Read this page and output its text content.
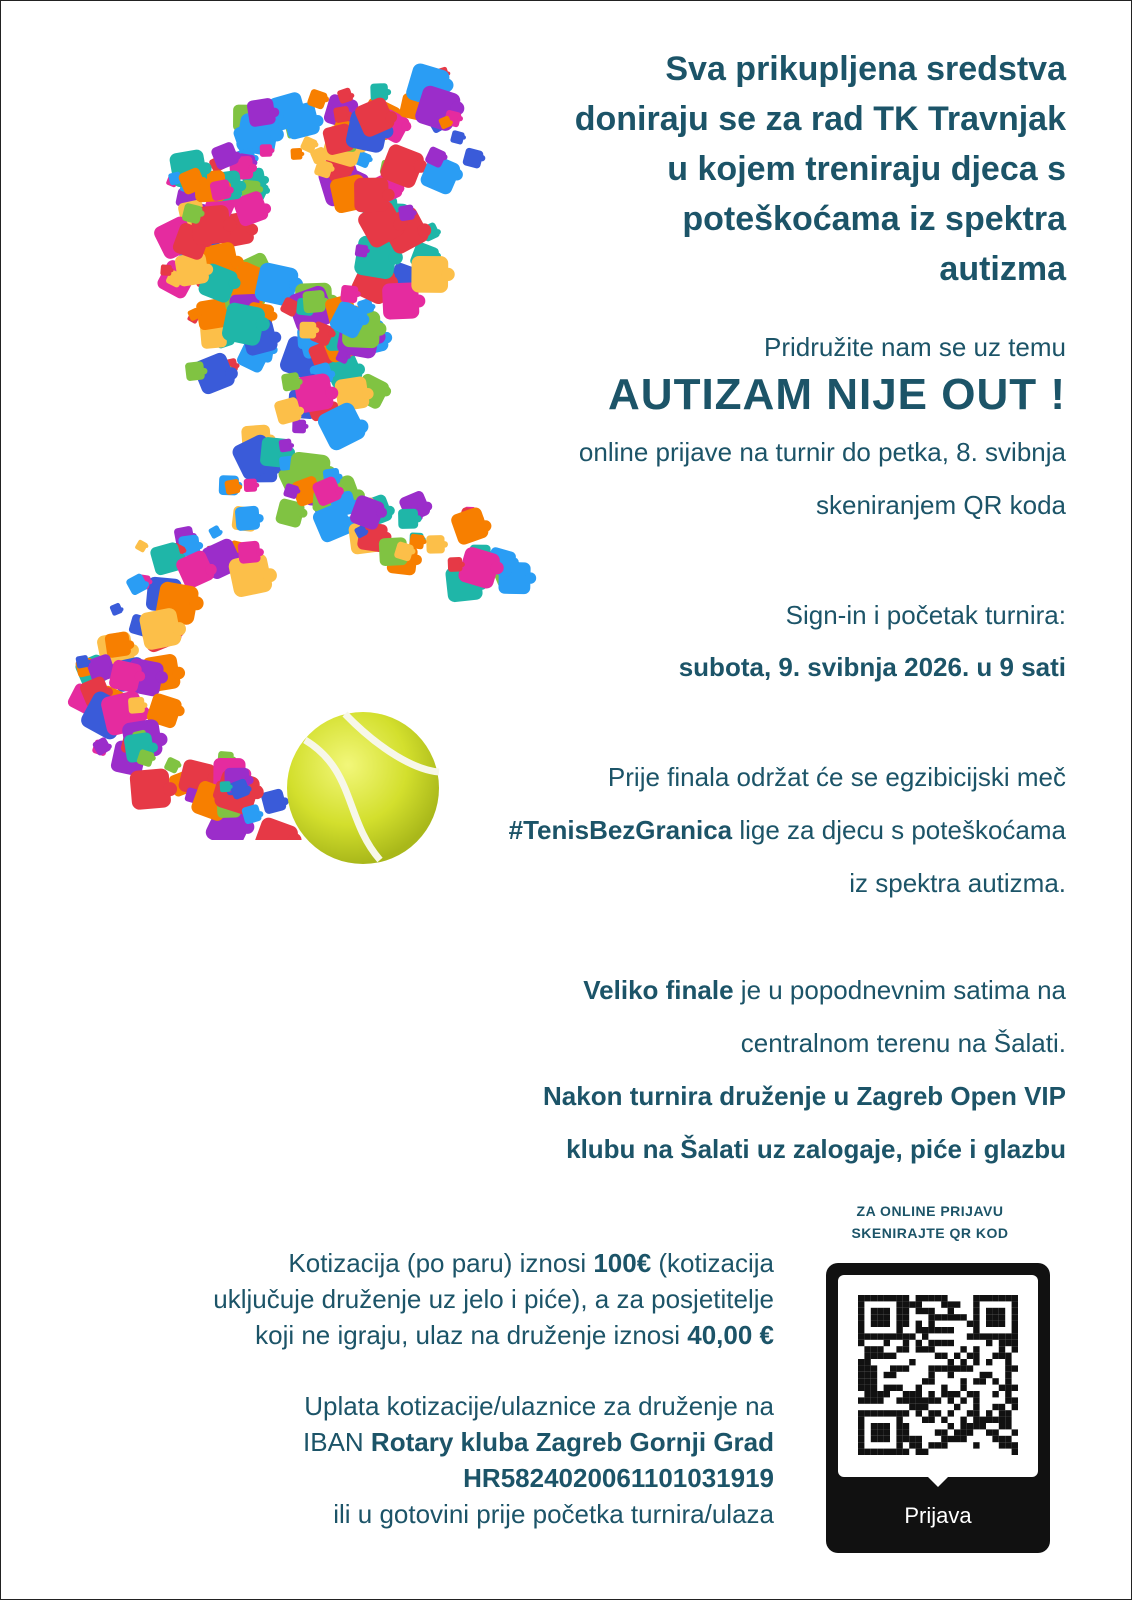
Sva prikupljena sredstva
doniraju se za rad TK Travnjak
u kojem treniraju djeca s
poteškoćama iz spektra
autizma
Pridružite nam se uz temu
AUTIZAM NIJE OUT !
online prijave na turnir do petka, 8. svibnja
skeniranjem QR koda
Sign-in i početak turnira:
subota, 9. svibnja 2026. u 9 sati
Prije finala održat će se egzibicijski meč
#TenisBezGranica lige za djecu s poteškoćama
iz spektra autizma.
Veliko finale je u popodnevnim satima na
centralnom terenu na Šalati.
Nakon turnira druženje u Zagreb Open VIP
klubu na Šalati uz zalogaje, piće i glazbu
Kotizacija (po paru) iznosi 100€ (kotizacija
uključuje druženje uz jelo i piće), a za posjetitelje
koji ne igraju, ulaz na druženje iznosi 40,00 €
Uplata kotizacije/ulaznice za druženje na
IBAN Rotary kluba Zagreb Gornji Grad
HR5824020061101031919
ili u gotovini prije početka turnira/ulaza
ZA ONLINE PRIJAVU
SKENIRAJTE QR KOD
Prijava
